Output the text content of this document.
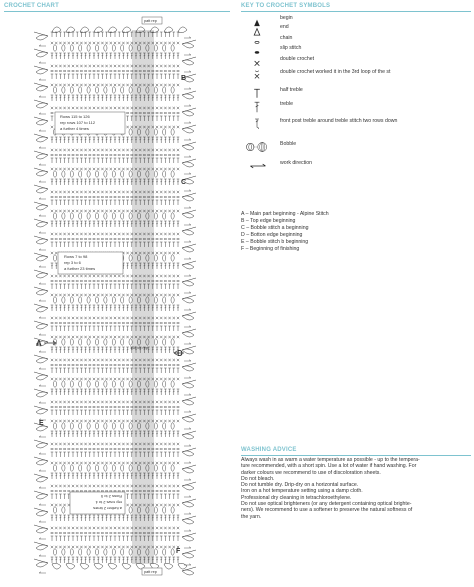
CROCHET CHART	KEY TO CROCHET SYMBOLS
Rows 115 to 126
rep rows 107 to 112
a further 4 times
Rows 7 to 98
rep 3 to 6
a further 23 times
Rows 2 to 5
rep rows 2 to 4
a further 2 times
patt rep
patt rep
108 ch rep
A
B
C
D
E
F
begin
end
chain
slip stitch
double crochet
double crochet worked it in the 3rd loop of the st
half treble
treble
front post treble around treble stitch two rows down
Bobble
work direction
A – Main part beginning - Alpine Stitch
B – Top edge beginning
C – Bobble stitch a beginning
D – Botton edge beginning
E – Bobble stitch b beginning
F – Beginning of finishing
WASHING ADVICE
Always wash in as warm a water temperature as possible - up to the tempera-
ture recommended, with a short spin. Use a lot of water if hand washing. For
darker colours we recommend to use of discoloration sheets.
Do not bleach.
Do not tumble dry. Drip-dry on a horizontal surface.
Iron on a hot temperature setting using a damp cloth.
Professional dry cleaning in tetrachloroethylene.
Do not use optical brighteners (or any detergent containing optical brighte-
ners). We recommend to use a softener to preserve the natural softness of
the yarn.
